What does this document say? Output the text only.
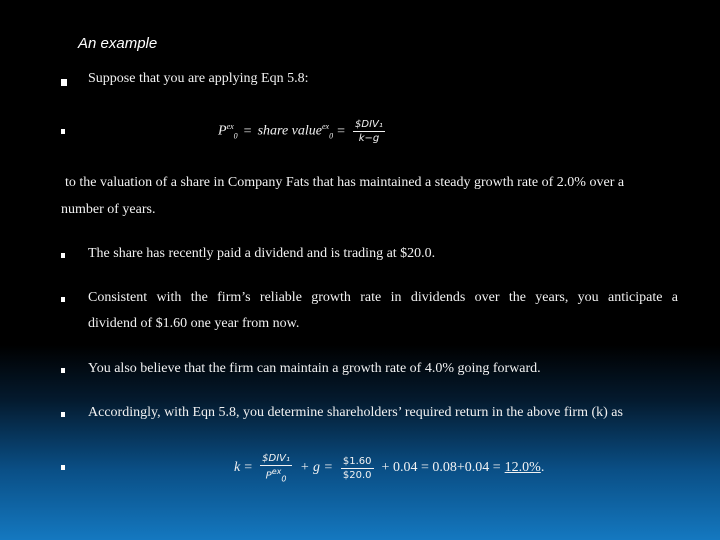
An example
Suppose that you are applying Eqn 5.8:
$P^{ex}_0$ = share value$^{ex}_0$ = $\frac{\text{\$DIV₁}}{k-g}$
to the valuation of a share in Company Fats that has maintained a steady growth rate of 2.0% over a
number of years.
The share has recently paid a dividend and is trading at $20.0.
Consistent with the firm’s reliable growth rate in dividends over the years, you anticipate a
dividend of $1.60 one year from now.
You also believe that the firm can maintain a growth rate of 4.0% going forward.
Accordingly, with Eqn 5.8, you determine shareholders’ required return in the above firm (k) as
$k = \frac{\text{\$DIV₁}}{P^{ex}_0} + g = \frac{\$1.60}{\$20.0} + 0.04 = 0.08+0.04 = 12.0\%$ .
